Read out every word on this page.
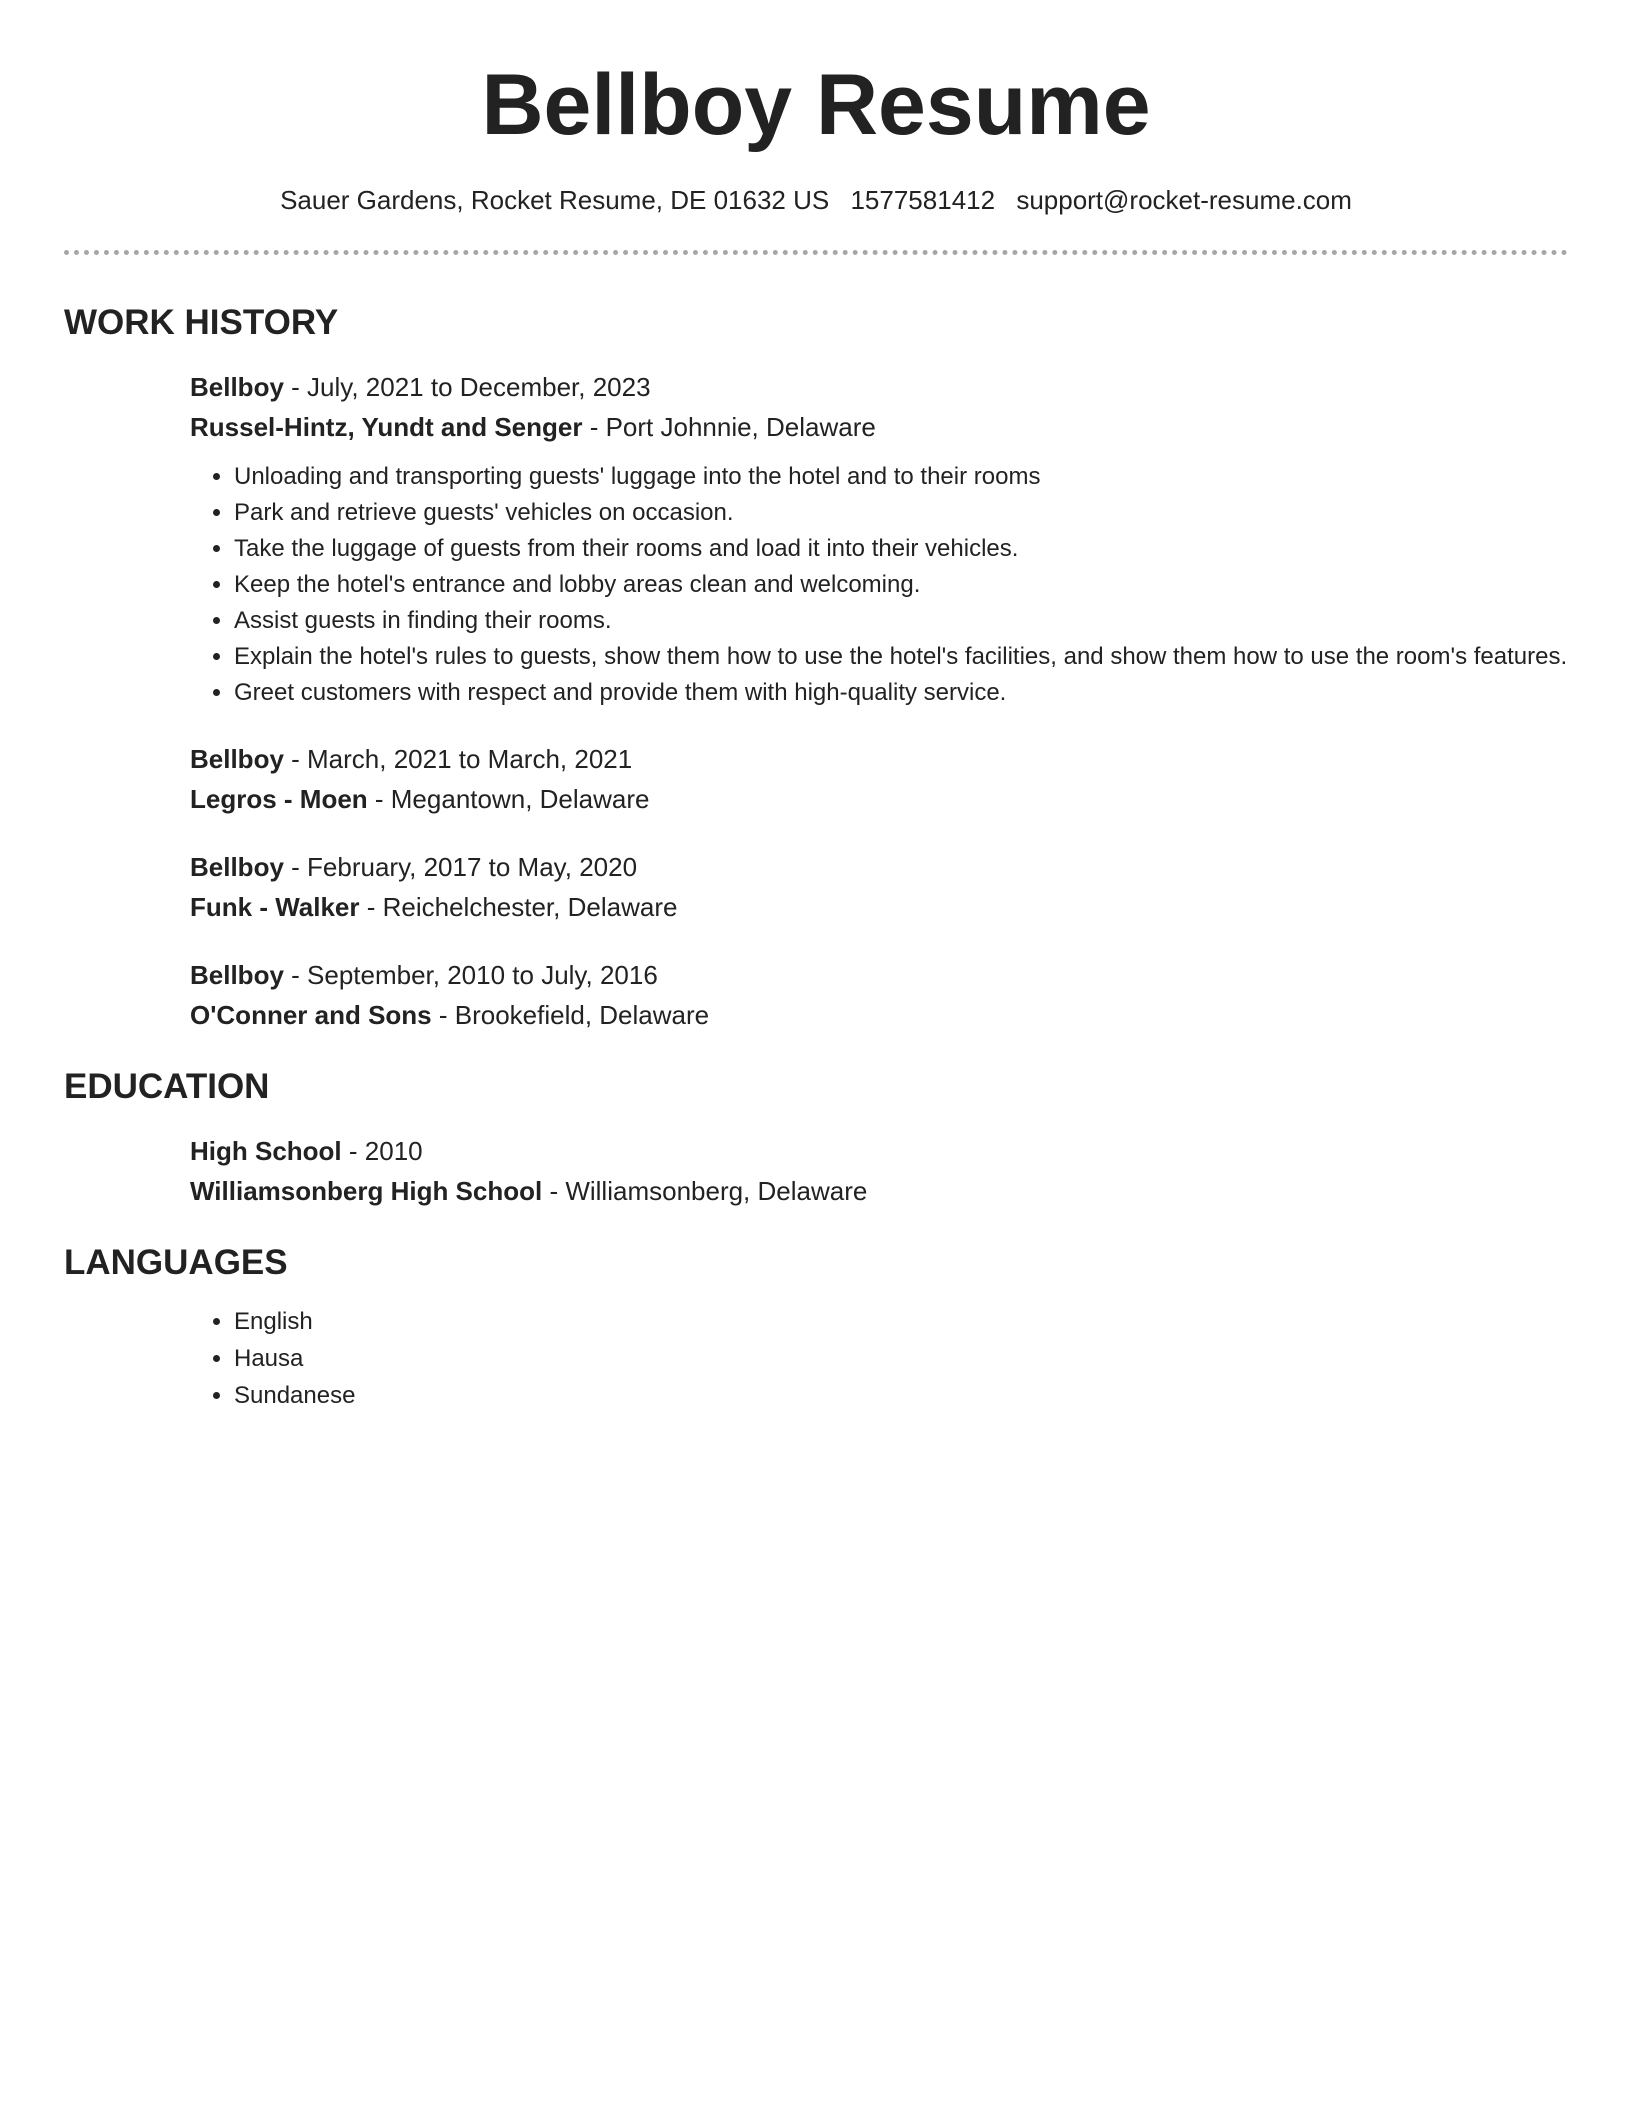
Bellboy Resume
Sauer Gardens, Rocket Resume, DE 01632 US 1577581412 support@rocket-resume.com
WORK HISTORY
Bellboy - July, 2021 to December, 2023
Russel-Hintz, Yundt and Senger - Port Johnnie, Delaware
• Unloading and transporting guests' luggage into the hotel and to their rooms
• Park and retrieve guests' vehicles on occasion.
• Take the luggage of guests from their rooms and load it into their vehicles.
• Keep the hotel's entrance and lobby areas clean and welcoming.
• Assist guests in finding their rooms.
• Explain the hotel's rules to guests, show them how to use the hotel's facilities, and show them how to use the room's features.
• Greet customers with respect and provide them with high-quality service.
Bellboy - March, 2021 to March, 2021
Legros - Moen - Megantown, Delaware
Bellboy - February, 2017 to May, 2020
Funk - Walker - Reichelchester, Delaware
Bellboy - September, 2010 to July, 2016
O'Conner and Sons - Brookefield, Delaware
EDUCATION
High School - 2010
Williamsonberg High School - Williamsonberg, Delaware
LANGUAGES
• English
• Hausa
• Sundanese
